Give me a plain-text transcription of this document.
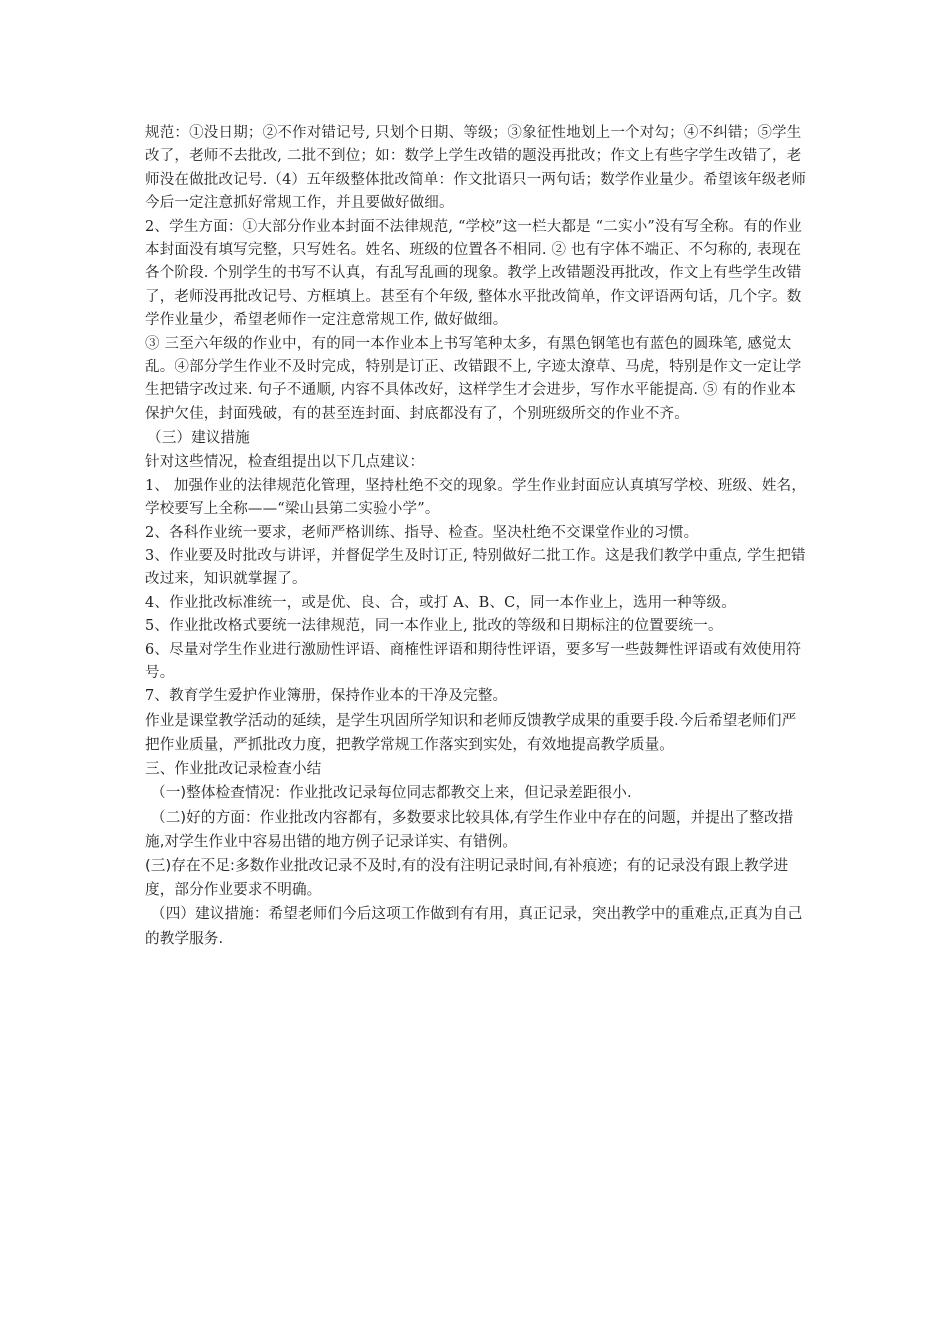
规范：①没日期；②不作对错记号, 只划个日期、等级；③象征性地划上一个对勾；④不纠错；⑤学生改了，老师不去批改, 二批不到位；如：数学上学生改错的题没再批改；作文上有些字学生改错了，老师没在做批改记号.（4）五年级整体批改简单：作文批语只一两句话；数学作业量少。希望该年级老师今后一定注意抓好常规工作，并且要做好做细。

2、学生方面：①大部分作业本封面不法律规范, “学校”这一栏大都是 “二实小”没有写全称。有的作业本封面没有填写完整，只写姓名。姓名、班级的位置各不相同. ② 也有字体不端正、不匀称的, 表现在各个阶段. 个别学生的书写不认真，有乱写乱画的现象。教学上改错题没再批改，作文上有些学生改错了，老师没再批改记号、方框填上。甚至有个年级, 整体水平批改简单，作文评语两句话，几个字。数学作业量少，希望老师作一定注意常规工作, 做好做细。

③ 三至六年级的作业中，有的同一本作业本上书写笔种太多，有黑色钢笔也有蓝色的圆珠笔, 感觉太乱。④部分学生作业不及时完成，特别是订正、改错跟不上, 字迹太潦草、马虎，特别是作文一定让学生把错字改过来. 句子不通顺, 内容不具体改好，这样学生才会进步，写作水平能提高. ⑤ 有的作业本保护欠佳，封面残破，有的甚至连封面、封底都没有了，个别班级所交的作业不齐。

（三）建议措施

针对这些情况，检查组提出以下几点建议：

1、 加强作业的法律规范化管理，坚持杜绝不交的现象。学生作业封面应认真填写学校、班级、姓名，学校要写上全称——“梁山县第二实验小学”。

2、各科作业统一要求，老师严格训练、指导、检查。坚决杜绝不交课堂作业的习惯。

3、作业要及时批改与讲评，并督促学生及时订正, 特别做好二批工作。这是我们教学中重点, 学生把错改过来，知识就掌握了。

4、作业批改标准统一，或是优、良、合，或打 A、B、C，同一本作业上，选用一种等级。

5、作业批改格式要统一法律规范，同一本作业上, 批改的等级和日期标注的位置要统一。

6、尽量对学生作业进行激励性评语、商榷性评语和期待性评语，要多写一些鼓舞性评语或有效使用符号。

7、教育学生爱护作业簿册，保持作业本的干净及完整。

作业是课堂教学活动的延续，是学生巩固所学知识和老师反馈教学成果的重要手段.今后希望老师们严把作业质量，严抓批改力度，把教学常规工作落实到实处，有效地提高教学质量。

三、作业批改记录检查小结

（一)整体检查情况：作业批改记录每位同志都教交上来，但记录差距很小.

（二)好的方面：作业批改内容都有，多数要求比较具体,有学生作业中存在的问题，并提出了整改措施,对学生作业中容易出错的地方例子记录详实、有错例。

(三)存在不足:多数作业批改记录不及时,有的没有注明记录时间,有补痕迹；有的记录没有跟上教学进度，部分作业要求不明确。

（四）建议措施：希望老师们今后这项工作做到有有用，真正记录，突出教学中的重难点,正真为自己的教学服务.
